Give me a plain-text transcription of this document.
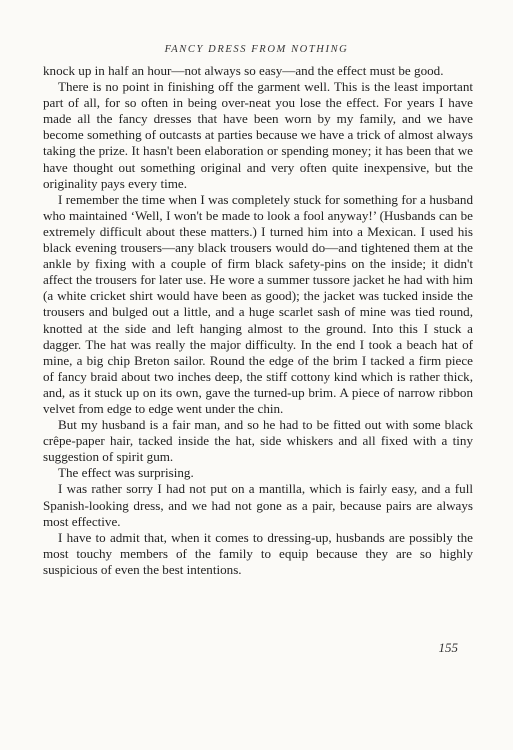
FANCY DRESS FROM NOTHING

knock up in half an hour—not always so easy—and the effect must be good.

There is no point in finishing off the garment well. This is the least important part of all, for so often in being over-neat you lose the effect. For years I have made all the fancy dresses that have been worn by my family, and we have become something of outcasts at parties because we have a trick of almost always taking the prize. It hasn't been elaboration or spending money; it has been that we have thought out something original and very often quite inexpensive, but the originality pays every time.

I remember the time when I was completely stuck for something for a husband who maintained ‘Well, I won't be made to look a fool anyway!’ (Husbands can be extremely difficult about these matters.) I turned him into a Mexican. I used his black evening trousers—any black trousers would do—and tightened them at the ankle by fixing with a couple of firm black safety-pins on the inside; it didn't affect the trousers for later use. He wore a summer tussore jacket he had with him (a white cricket shirt would have been as good); the jacket was tucked inside the trousers and bulged out a little, and a huge scarlet sash of mine was tied round, knotted at the side and left hanging almost to the ground. Into this I stuck a dagger. The hat was really the major difficulty. In the end I took a beach hat of mine, a big chip Breton sailor. Round the edge of the brim I tacked a firm piece of fancy braid about two inches deep, the stiff cottony kind which is rather thick, and, as it stuck up on its own, gave the turned-up brim. A piece of narrow ribbon velvet from edge to edge went under the chin.

But my husband is a fair man, and so he had to be fitted out with some black crêpe-paper hair, tacked inside the hat, side whiskers and all fixed with a tiny suggestion of spirit gum.

The effect was surprising.

I was rather sorry I had not put on a mantilla, which is fairly easy, and a full Spanish-looking dress, and we had not gone as a pair, because pairs are always most effective.

I have to admit that, when it comes to dressing-up, husbands are possibly the most touchy members of the family to equip because they are so highly suspicious of even the best intentions.

155
